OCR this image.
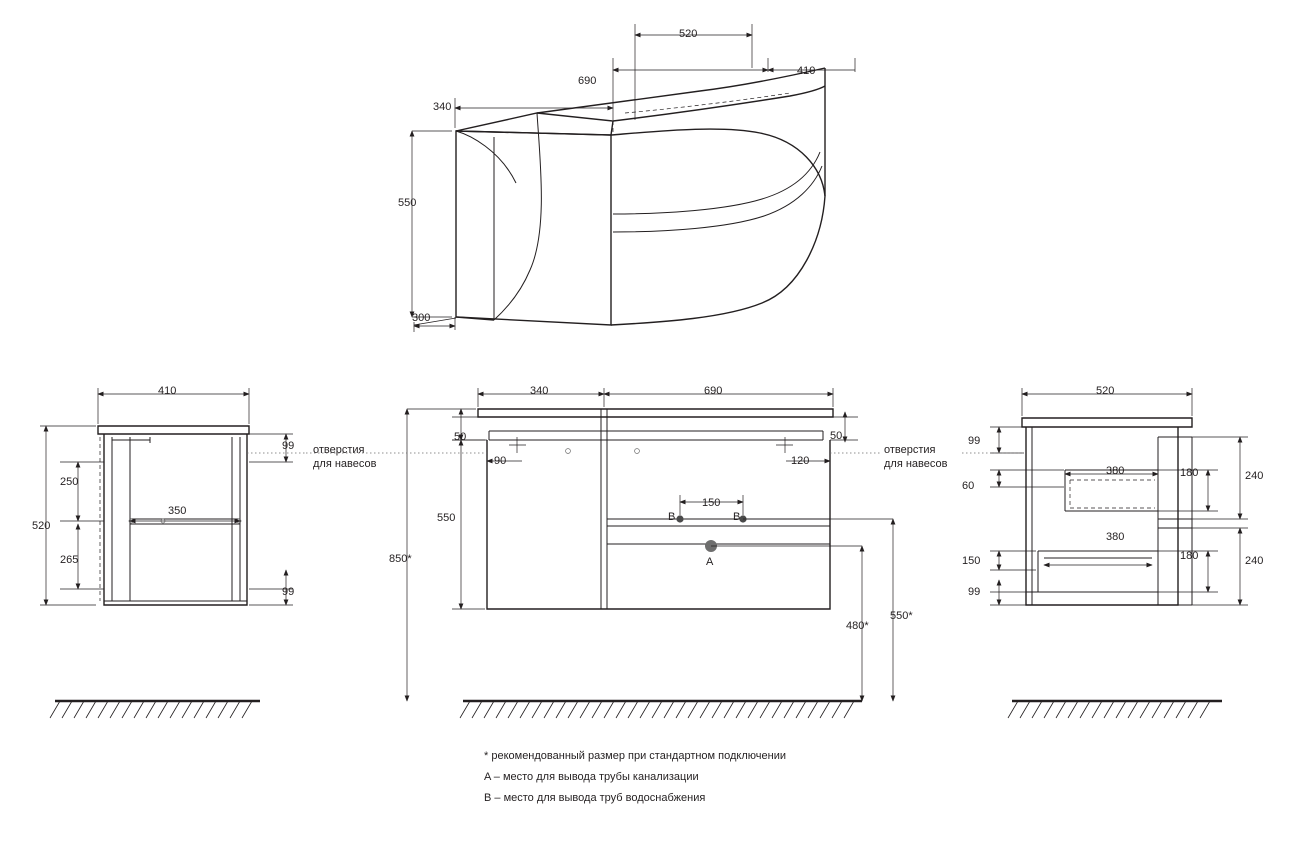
520
690
410
340
550
300
410
99
250
350
520
265
99
отверстия
для навесов
340	690
50	50
90	120
150
550
850*
480*
550*
B	B
A
отверстия
для навесов
520
99
380	180	240
60
380
180	240
150
99
* рекомендованный размер при стандартном подключении
A – место для вывода трубы канализации
B – место для вывода труб водоснабжения
